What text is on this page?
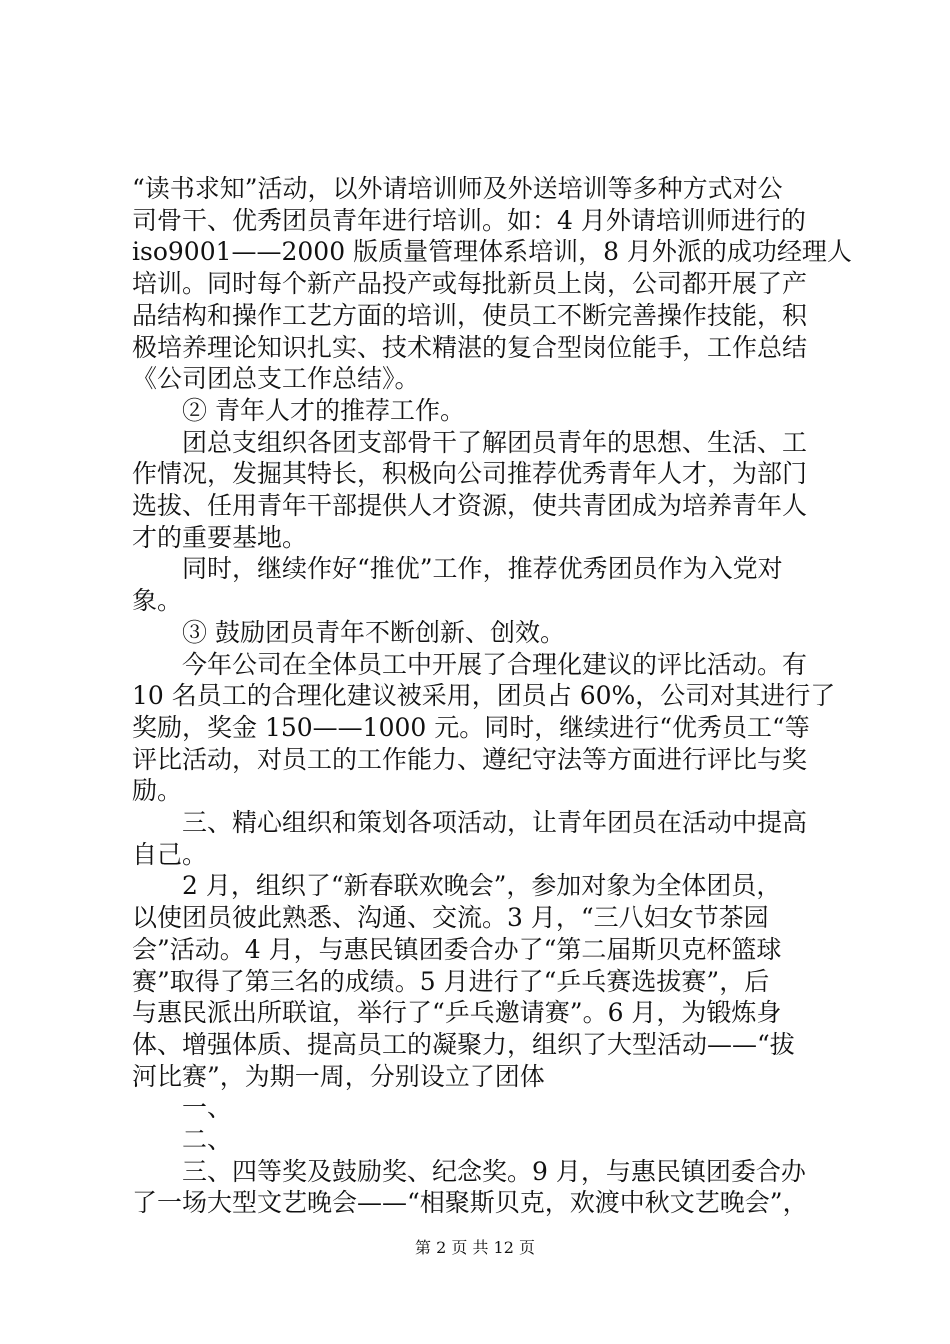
“读书求知”活动，以外请培训师及外送培训等多种方式对公
司骨干、优秀团员青年进行培训。如：4 月外请培训师进行的
iso9001——2000 版质量管理体系培训，8 月外派的成功经理人
培训。同时每个新产品投产或每批新员上岗，公司都开展了产
品结构和操作工艺方面的培训，使员工不断完善操作技能，积
极培养理论知识扎实、技术精湛的复合型岗位能手，工作总结
《公司团总支工作总结》。
② 青年人才的推荐工作。
团总支组织各团支部骨干了解团员青年的思想、生活、工
作情况，发掘其特长，积极向公司推荐优秀青年人才，为部门
选拔、任用青年干部提供人才资源，使共青团成为培养青年人
才的重要基地。
同时，继续作好“推优”工作，推荐优秀团员作为入党对
象。
③ 鼓励团员青年不断创新、创效。
今年公司在全体员工中开展了合理化建议的评比活动。有
10 名员工的合理化建议被采用，团员占 60%，公司对其进行了
奖励，奖金 150——1000 元。同时，继续进行“优秀员工“等
评比活动，对员工的工作能力、遵纪守法等方面进行评比与奖
励。
三、精心组织和策划各项活动，让青年团员在活动中提高
自己。
2 月，组织了“新春联欢晚会”，参加对象为全体团员，
以使团员彼此熟悉、沟通、交流。3 月，“三八妇女节茶园
会”活动。4 月，与惠民镇团委合办了“第二届斯贝克杯篮球
赛”取得了第三名的成绩。5 月进行了“乒乓赛选拔赛”，后
与惠民派出所联谊，举行了“乒乓邀请赛”。6 月，为锻炼身
体、增强体质、提高员工的凝聚力，组织了大型活动——“拔
河比赛”，为期一周，分别设立了团体
一、
二、
第 2 页 共 12 页
三、四等奖及鼓励奖、纪念奖。9 月，与惠民镇团委合办
了一场大型文艺晚会——“相聚斯贝克，欢渡中秋文艺晚会”，
